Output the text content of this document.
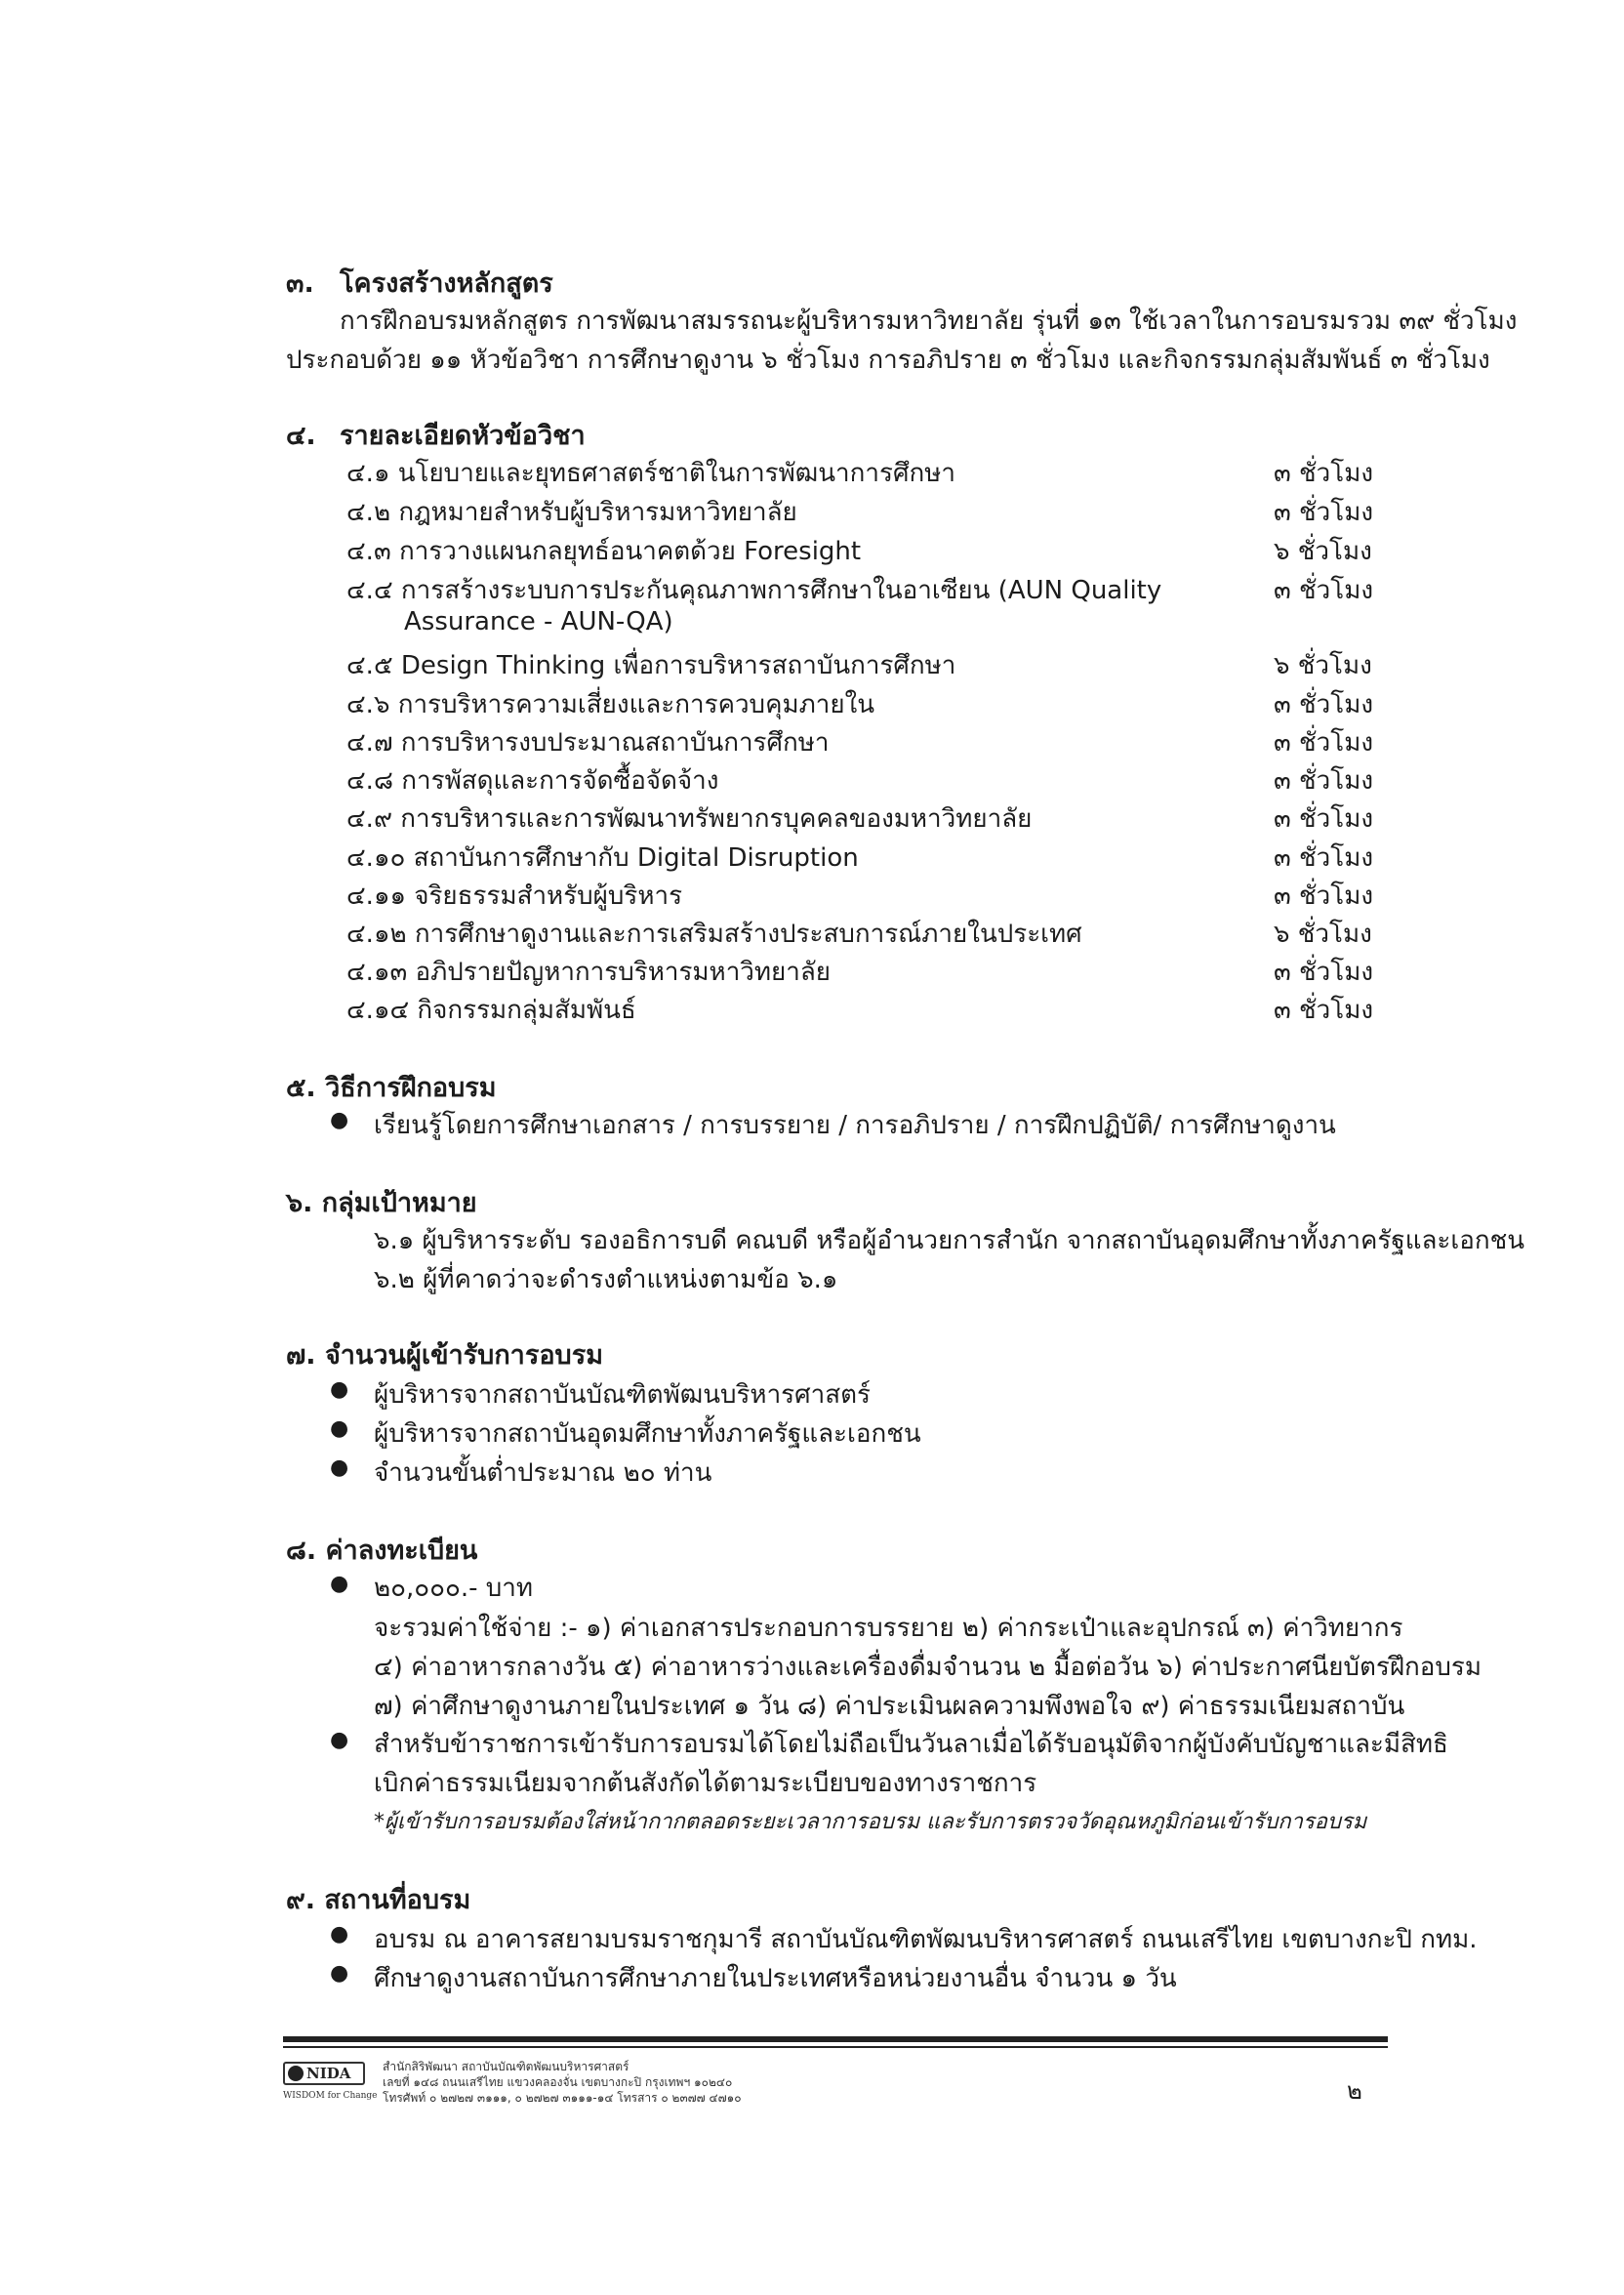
๓. โครงสร้างหลักสูตร
การฝึกอบรมหลักสูตร การพัฒนาสมรรถนะผู้บริหารมหาวิทยาลัย รุ่นที่ ๑๓ ใช้เวลาในการอบรมรวม ๓๙ ชั่วโมง
ประกอบด้วย ๑๑ หัวข้อวิชา การศึกษาดูงาน ๖ ชั่วโมง การอภิปราย ๓ ชั่วโมง และกิจกรรมกลุ่มสัมพันธ์ ๓ ชั่วโมง
๔. รายละเอียดหัวข้อวิชา
๔.๑ นโยบายและยุทธศาสตร์ชาติในการพัฒนาการศึกษา	๓ ชั่วโมง
๔.๒ กฎหมายสำหรับผู้บริหารมหาวิทยาลัย	๓ ชั่วโมง
๔.๓ การวางแผนกลยุทธ์อนาคตด้วย Foresight	๖ ชั่วโมง
๔.๔ การสร้างระบบการประกันคุณภาพการศึกษาในอาเซียน (AUN Quality	๓ ชั่วโมง
Assurance - AUN-QA)
๔.๕ Design Thinking เพื่อการบริหารสถาบันการศึกษา	๖ ชั่วโมง
๔.๖ การบริหารความเสี่ยงและการควบคุมภายใน	๓ ชั่วโมง
๔.๗ การบริหารงบประมาณสถาบันการศึกษา	๓ ชั่วโมง
๔.๘ การพัสดุและการจัดซื้อจัดจ้าง	๓ ชั่วโมง
๔.๙ การบริหารและการพัฒนาทรัพยากรบุคคลของมหาวิทยาลัย	๓ ชั่วโมง
๔.๑๐ สถาบันการศึกษากับ Digital Disruption	๓ ชั่วโมง
๔.๑๑ จริยธรรมสำหรับผู้บริหาร	๓ ชั่วโมง
๔.๑๒ การศึกษาดูงานและการเสริมสร้างประสบการณ์ภายในประเทศ	๖ ชั่วโมง
๔.๑๓ อภิปรายปัญหาการบริหารมหาวิทยาลัย	๓ ชั่วโมง
๔.๑๔ กิจกรรมกลุ่มสัมพันธ์	๓ ชั่วโมง
๕. วิธีการฝึกอบรม
● เรียนรู้โดยการศึกษาเอกสาร / การบรรยาย / การอภิปราย / การฝึกปฏิบัติ/ การศึกษาดูงาน
๖. กลุ่มเป้าหมาย
๖.๑ ผู้บริหารระดับ รองอธิการบดี คณบดี หรือผู้อำนวยการสำนัก จากสถาบันอุดมศึกษาทั้งภาครัฐและเอกชน
๖.๒ ผู้ที่คาดว่าจะดำรงตำแหน่งตามข้อ ๖.๑
๗. จำนวนผู้เข้ารับการอบรม
● ผู้บริหารจากสถาบันบัณฑิตพัฒนบริหารศาสตร์
● ผู้บริหารจากสถาบันอุดมศึกษาทั้งภาครัฐและเอกชน
● จำนวนขั้นต่ำประมาณ ๒๐ ท่าน
๘. ค่าลงทะเบียน
● ๒๐,๐๐๐.- บาท
จะรวมค่าใช้จ่าย :- ๑) ค่าเอกสารประกอบการบรรยาย ๒) ค่ากระเป๋าและอุปกรณ์ ๓) ค่าวิทยากร
๔) ค่าอาหารกลางวัน ๕) ค่าอาหารว่างและเครื่องดื่มจำนวน ๒ มื้อต่อวัน ๖) ค่าประกาศนียบัตรฝึกอบรม
๗) ค่าศึกษาดูงานภายในประเทศ ๑ วัน ๘) ค่าประเมินผลความพึงพอใจ ๙) ค่าธรรมเนียมสถาบัน
● สำหรับข้าราชการเข้ารับการอบรมได้โดยไม่ถือเป็นวันลาเมื่อได้รับอนุมัติจากผู้บังคับบัญชาและมีสิทธิ
เบิกค่าธรรมเนียมจากต้นสังกัดได้ตามระเบียบของทางราชการ
*ผู้เข้ารับการอบรมต้องใส่หน้ากากตลอดระยะเวลาการอบรม และรับการตรวจวัดอุณหภูมิก่อนเข้ารับการอบรม
๙. สถานที่อบรม
● อบรม ณ อาคารสยามบรมราชกุมารี สถาบันบัณฑิตพัฒนบริหารศาสตร์ ถนนเสรีไทย เขตบางกะปิ กทม.
● ศึกษาดูงานสถาบันการศึกษาภายในประเทศหรือหน่วยงานอื่น จำนวน ๑ วัน
NIDA
WISDOM for Change
สำนักสิริพัฒนา สถาบันบัณฑิตพัฒนบริหารศาสตร์
เลขที่ ๑๔๘ ถนนเสรีไทย แขวงคลองจั่น เขตบางกะปิ กรุงเทพฯ ๑๐๒๔๐
โทรศัพท์ ๐ ๒๗๒๗ ๓๑๑๑, ๐ ๒๗๒๗ ๓๑๑๑-๑๔ โทรสาร ๐ ๒๓๗๗ ๔๗๑๐	๒
